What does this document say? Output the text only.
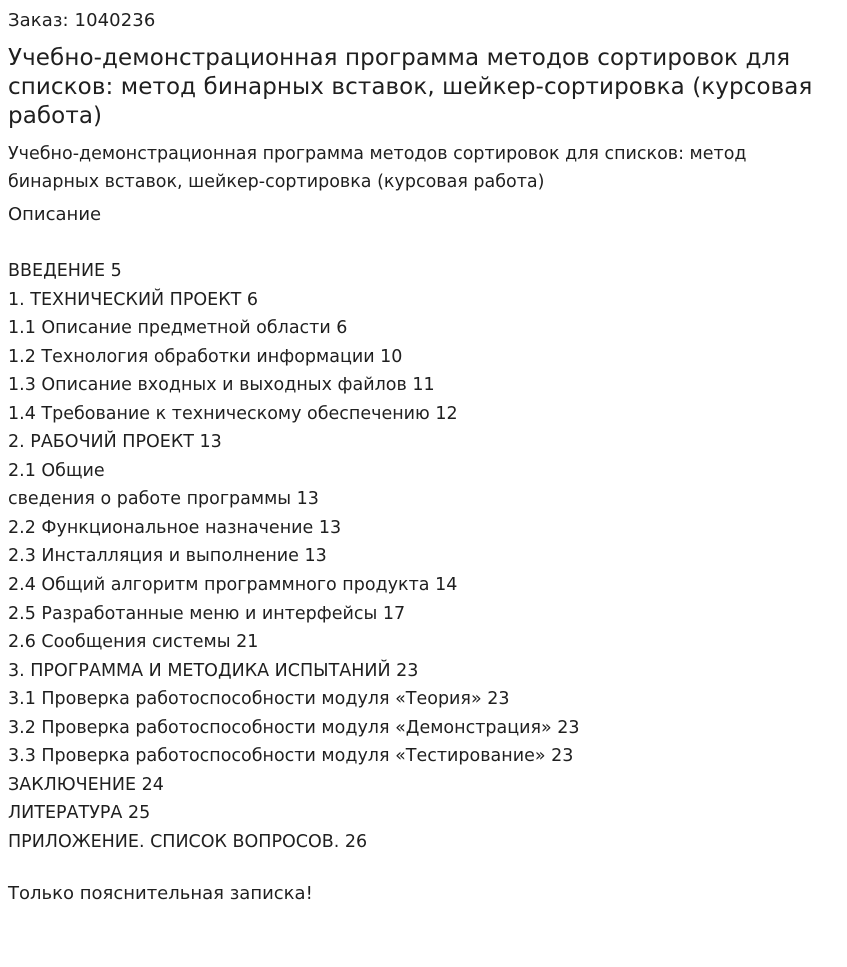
Заказ: 1040236
Учебно-демонстрационная программа методов сортировок для списков: метод бинарных вставок, шейкер-сортировка (курсовая работа)
Учебно-демонстрационная программа методов сортировок для списков: метод бинарных вставок, шейкер-сортировка (курсовая работа)
Описание
ВВЕДЕНИЕ 5
1. ТЕХНИЧЕСКИЙ ПРОЕКТ 6
1.1 Описание предметной области 6
1.2 Технология обработки информации 10
1.3 Описание входных и выходных файлов 11
1.4 Требование к техническому обеспечению 12
2. РАБОЧИЙ ПРОЕКТ 13
2.1 Общие
сведения о работе программы 13
2.2 Функциональное назначение 13
2.3 Инсталляция и выполнение 13
2.4 Общий алгоритм программного продукта 14
2.5 Разработанные меню и интерфейсы 17
2.6 Сообщения системы 21
3. ПРОГРАММА И МЕТОДИКА ИСПЫТАНИЙ 23
3.1 Проверка работоспособности модуля «Теория» 23
3.2 Проверка работоспособности модуля «Демонстрация» 23
3.3 Проверка работоспособности модуля «Тестирование» 23
ЗАКЛЮЧЕНИЕ 24
ЛИТЕРАТУРА 25
ПРИЛОЖЕНИЕ. СПИСОК ВОПРОСОВ. 26
Только пояснительная записка!
